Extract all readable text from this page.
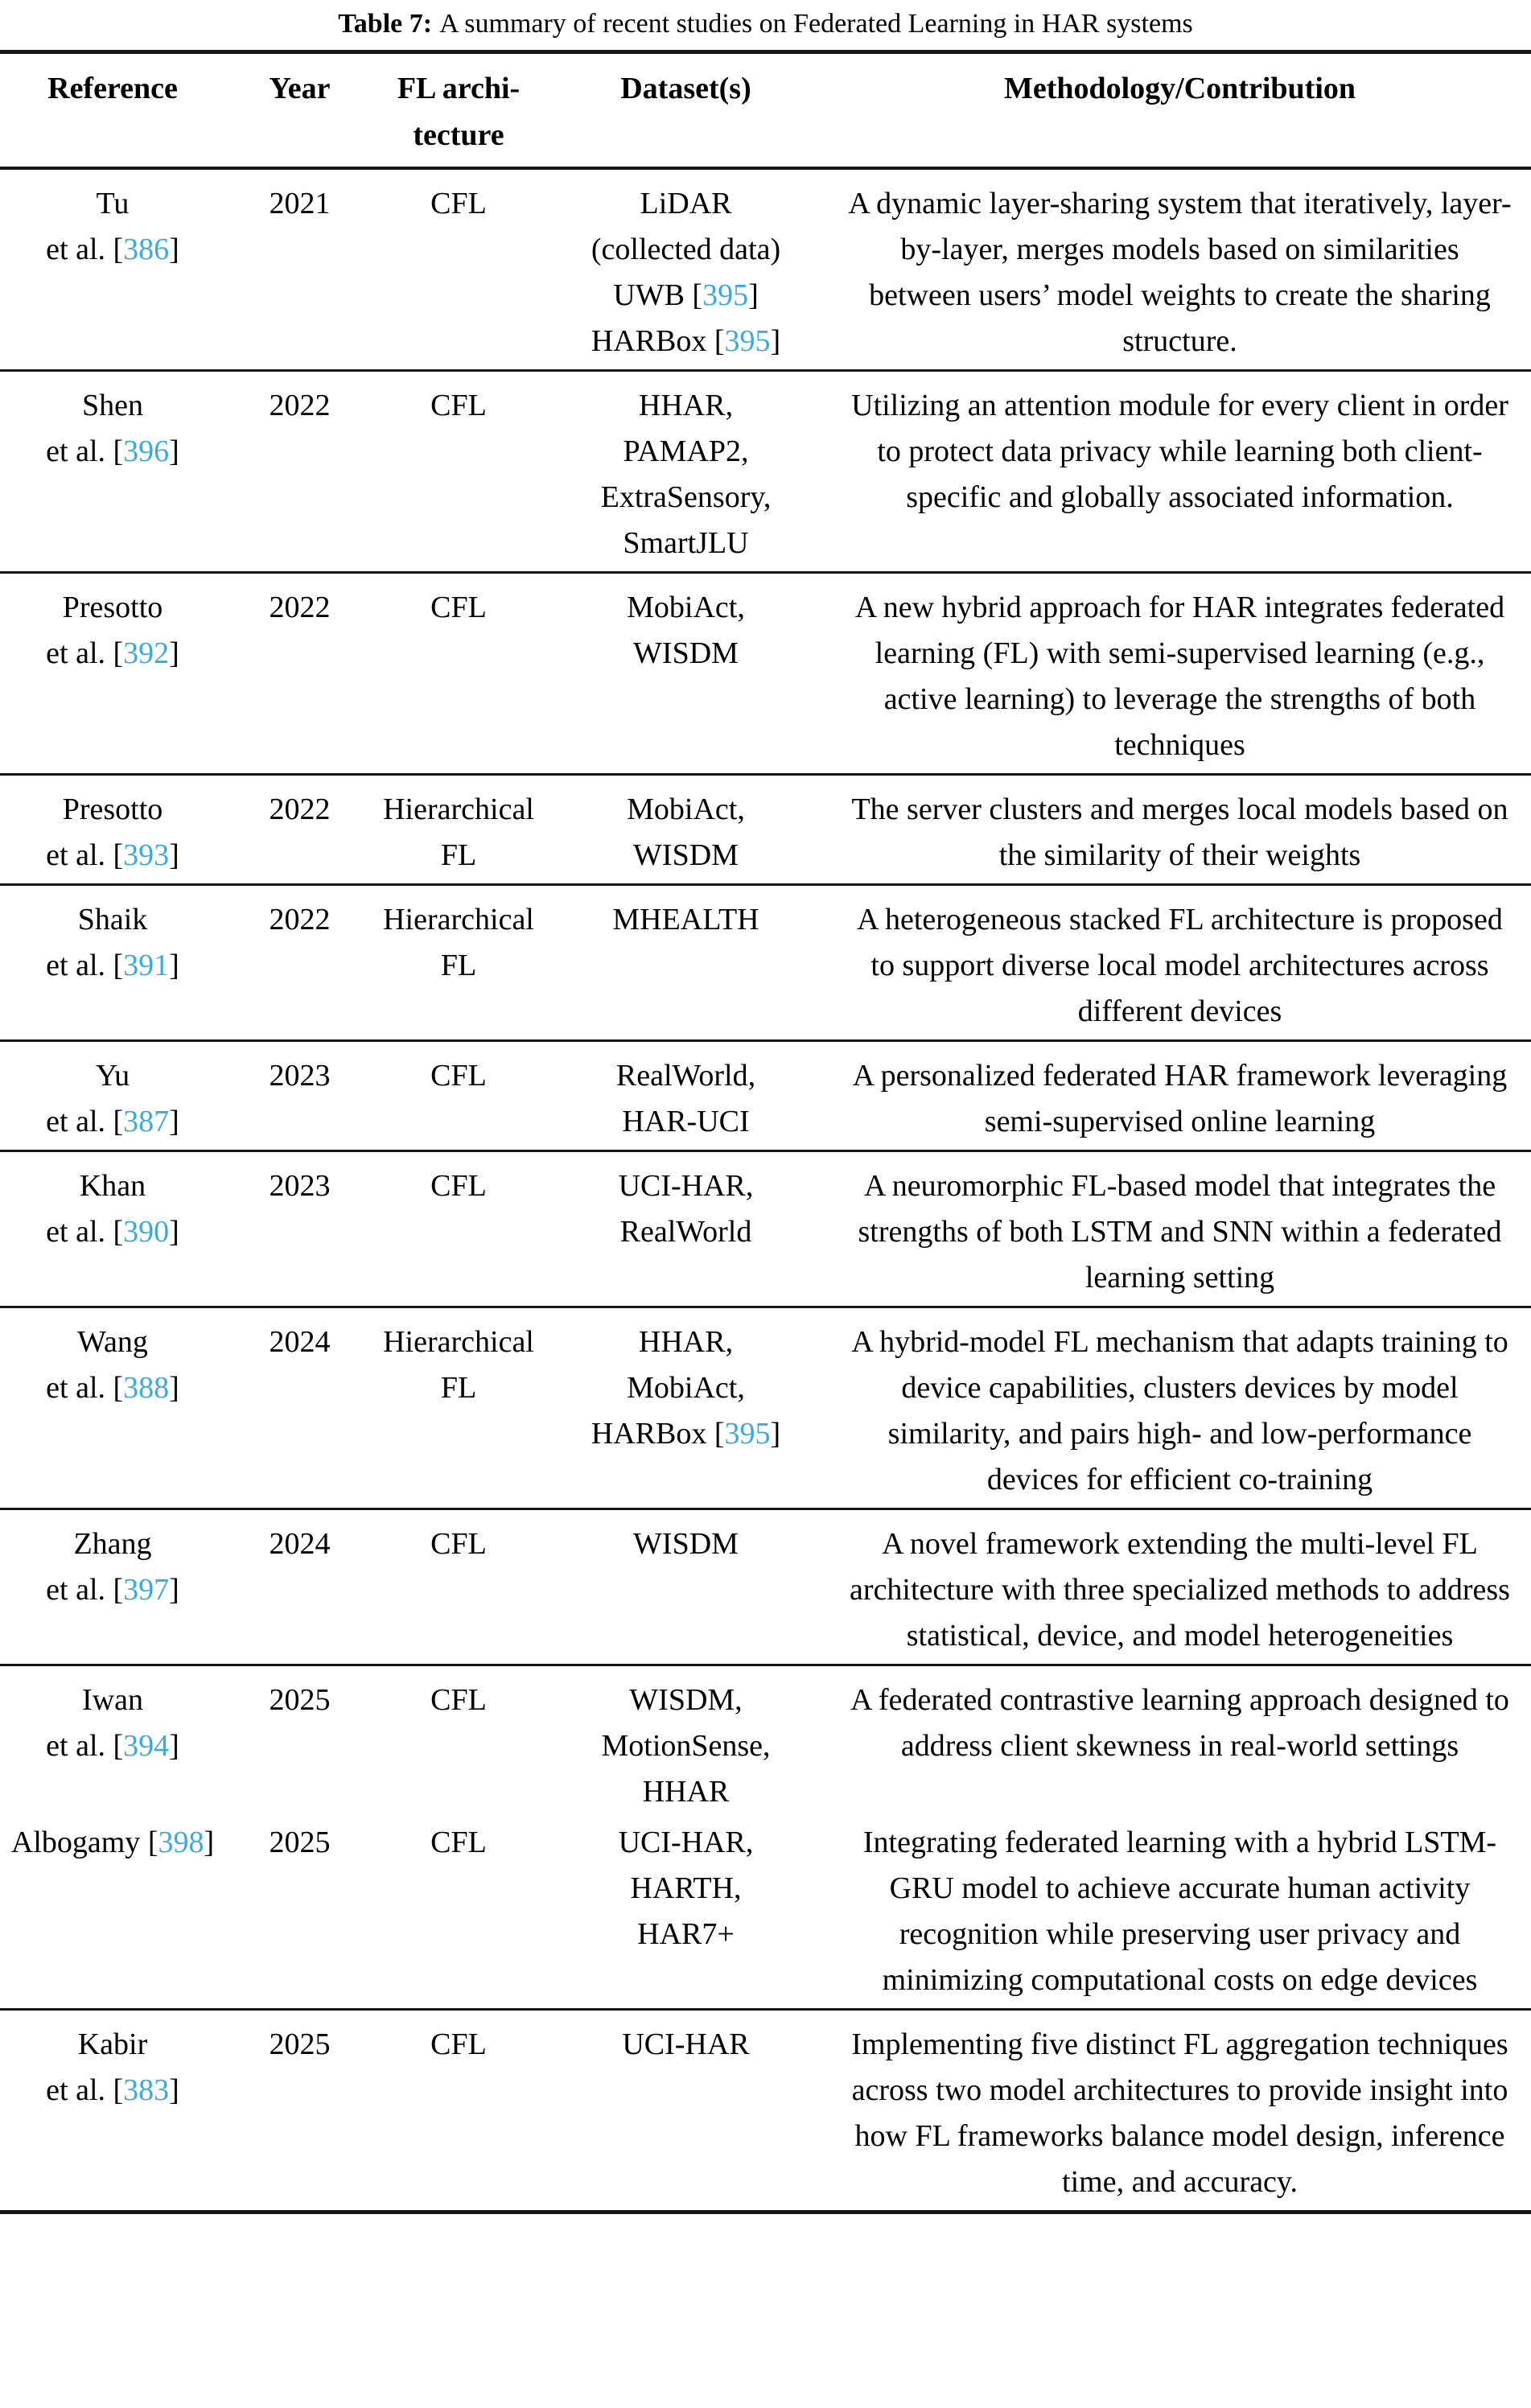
Table 7: A summary of recent studies on Federated Learning in HAR systems
Reference	Year	FL archi-
tecture	Dataset(s)	Methodology/Contribution

Tu
et al. [386]	2021	CFL	LiDAR
(collected data)
UWB [395]
HARBox [395]	A dynamic layer-sharing system that iteratively, layer-by-layer, merges models based on similarities between users’ model weights to create the sharing structure.

Shen
et al. [396]	2022	CFL	HHAR,
PAMAP2,
ExtraSensory,
SmartJLU	Utilizing an attention module for every client in order to protect data privacy while learning both client-specific and globally associated information.

Presotto
et al. [392]	2022	CFL	MobiAct,
WISDM	A new hybrid approach for HAR integrates federated learning (FL) with semi-supervised learning (e.g., active learning) to leverage the strengths of both techniques

Presotto
et al. [393]	2022	Hierarchical
FL	MobiAct,
WISDM	The server clusters and merges local models based on the similarity of their weights

Shaik
et al. [391]	2022	Hierarchical
FL	MHEALTH	A heterogeneous stacked FL architecture is proposed to support diverse local model architectures across different devices

Yu
et al. [387]	2023	CFL	RealWorld,
HAR-UCI	A personalized federated HAR framework leveraging semi-supervised online learning

Khan
et al. [390]	2023	CFL	UCI-HAR,
RealWorld	A neuromorphic FL-based model that integrates the strengths of both LSTM and SNN within a federated learning setting

Wang
et al. [388]	2024	Hierarchical
FL	HHAR,
MobiAct,
HARBox [395]	A hybrid-model FL mechanism that adapts training to device capabilities, clusters devices by model similarity, and pairs high- and low-performance devices for efficient co-training

Zhang
et al. [397]	2024	CFL	WISDM	A novel framework extending the multi-level FL architecture with three specialized methods to address statistical, device, and model heterogeneities

Iwan
et al. [394]	2025	CFL	WISDM,
MotionSense,
HHAR	A federated contrastive learning approach designed to address client skewness in real-world settings

Albogamy [398]	2025	CFL	UCI-HAR,
HARTH,
HAR7+	Integrating federated learning with a hybrid LSTM-GRU model to achieve accurate human activity recognition while preserving user privacy and minimizing computational costs on edge devices

Kabir
et al. [383]	2025	CFL	UCI-HAR	Implementing five distinct FL aggregation techniques across two model architectures to provide insight into how FL frameworks balance model design, inference time, and accuracy.
